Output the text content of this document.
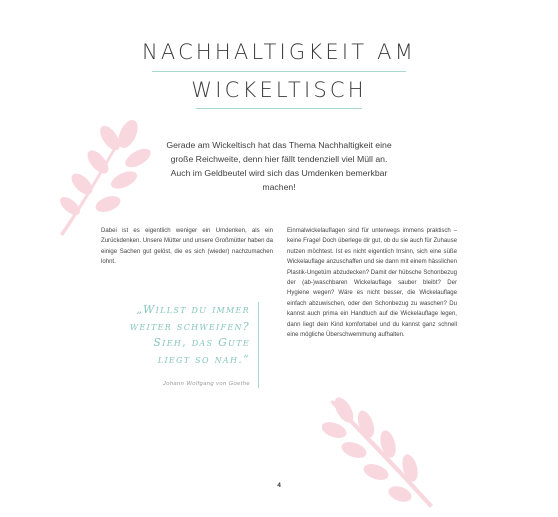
NACHHALTIGKEIT AM
WICKELTISCH
Gerade am Wickeltisch hat das Thema Nachhaltigkeit eine große Reichweite, denn hier fällt tendenziell viel Müll an. Auch im Geldbeutel wird sich das Umdenken bemerkbar machen!
Dabei ist es eigentlich weniger ein Umdenken, als ein Zurückdenken. Unsere Mütter und unsere Großmütter haben da einige Sachen gut gelöst, die es sich (wieder) nachzumachen lohnt.
Einmalwickelauflagen sind für unterwegs immens praktisch – keine Frage! Doch überlege dir gut, ob du sie auch für Zuhause nutzen möchtest. Ist es nicht eigentlich Irrsinn, sich eine süße Wickelauflage anzuschaffen und sie dann mit einem hässlichen Plastik-Ungetüm abzudecken? Damit der hübsche Schonbezug der (ab-)waschbaren Wickelauflage sauber bleibt? Der Hygiene wegen? Wäre es nicht besser, die Wickelauflage einfach abzuwischen, oder den Schonbezug zu waschen? Du kannst auch prima ein Handtuch auf die Wickelauflage legen, dann liegt dein Kind komfortabel und du kannst ganz schnell eine mögliche Überschwemmung aufhalten.
„Willst du immer weiter schweifen? Sieh, das Gute liegt so nah.“
Johann Wolfgang von Goethe
4
